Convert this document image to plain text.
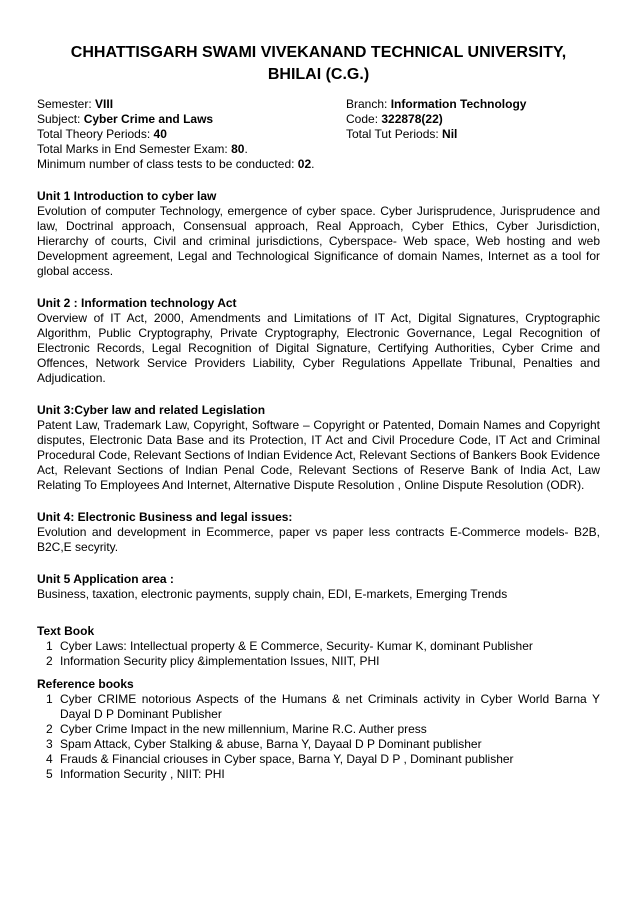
CHHATTISGARH SWAMI VIVEKANAND TECHNICAL UNIVERSITY,
BHILAI (C.G.)
Semester: VIII	Branch: Information Technology
Subject: Cyber Crime and Laws	Code: 322878(22)
Total Theory Periods: 40	Total Tut Periods: Nil
Total Marks in End Semester Exam: 80.
Minimum number of class tests to be conducted: 02.
Unit 1 Introduction to cyber law
Evolution of computer Technology, emergence of cyber space. Cyber Jurisprudence, Jurisprudence and law, Doctrinal approach, Consensual approach, Real Approach, Cyber Ethics, Cyber Jurisdiction, Hierarchy of courts, Civil and criminal jurisdictions, Cyberspace- Web space, Web hosting and web Development agreement, Legal and Technological Significance of domain Names, Internet as a tool for global access.
Unit 2 : Information technology Act
Overview of IT Act, 2000, Amendments and Limitations of IT Act, Digital Signatures, Cryptographic Algorithm, Public Cryptography, Private Cryptography, Electronic Governance, Legal Recognition of Electronic Records, Legal Recognition of Digital Signature, Certifying Authorities, Cyber Crime and Offences, Network Service Providers Liability, Cyber Regulations Appellate Tribunal, Penalties and Adjudication.
Unit 3:Cyber law and related Legislation
Patent Law, Trademark Law, Copyright, Software – Copyright or Patented, Domain Names and Copyright disputes, Electronic Data Base and its Protection, IT Act and Civil Procedure Code, IT Act and Criminal Procedural Code, Relevant Sections of Indian Evidence Act, Relevant Sections of Bankers Book Evidence Act, Relevant Sections of Indian Penal Code, Relevant Sections of Reserve Bank of India Act, Law Relating To Employees And Internet, Alternative Dispute Resolution , Online Dispute Resolution (ODR).
Unit 4: Electronic Business and legal issues:
Evolution and development in Ecommerce, paper vs paper less contracts E-Commerce models- B2B, B2C,E secyrity.
Unit 5 Application area :
Business, taxation, electronic payments, supply chain, EDI, E-markets, Emerging Trends
Text Book
1 Cyber Laws: Intellectual property & E Commerce, Security- Kumar K, dominant Publisher
2 Information Security plicy &implementation Issues, NIIT, PHI
Reference books
1 Cyber CRIME notorious Aspects of the Humans & net Criminals activity in Cyber World Barna Y Dayal D P Dominant Publisher
2 Cyber Crime Impact in the new millennium, Marine R.C. Auther press
3 Spam Attack, Cyber Stalking & abuse, Barna Y, Dayaal D P Dominant publisher
4 Frauds & Financial criouses in Cyber space, Barna Y, Dayal D P , Dominant publisher
5 Information Security , NIIT: PHI
